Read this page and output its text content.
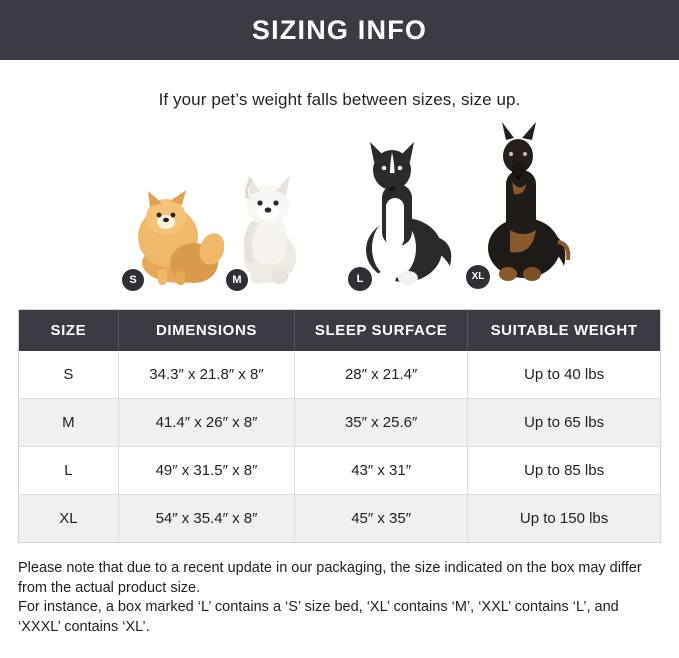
SIZING INFO
If your pet’s weight falls between sizes, size up.
S	M	L	XL
SIZE	DIMENSIONS	SLEEP SURFACE	SUITABLE WEIGHT
S	34.3″ x 21.8″ x 8″	28″ x 21.4″	Up to 40 lbs
M	41.4″ x 26″ x 8″	35″ x 25.6″	Up to 65 lbs
L	49″ x 31.5″ x 8″	43″ x 31″	Up to 85 lbs
XL	54″ x 35.4″ x 8″	45″ x 35″	Up to 150 lbs

Please note that due to a recent update in our packaging, the size indicated on the box may differ from the actual product size.

For instance, a box marked ‘L’ contains a ‘S’ size bed, ‘XL’ contains ‘M’, ‘XXL’ contains ‘L’, and ‘XXXL’ contains ‘XL’.
